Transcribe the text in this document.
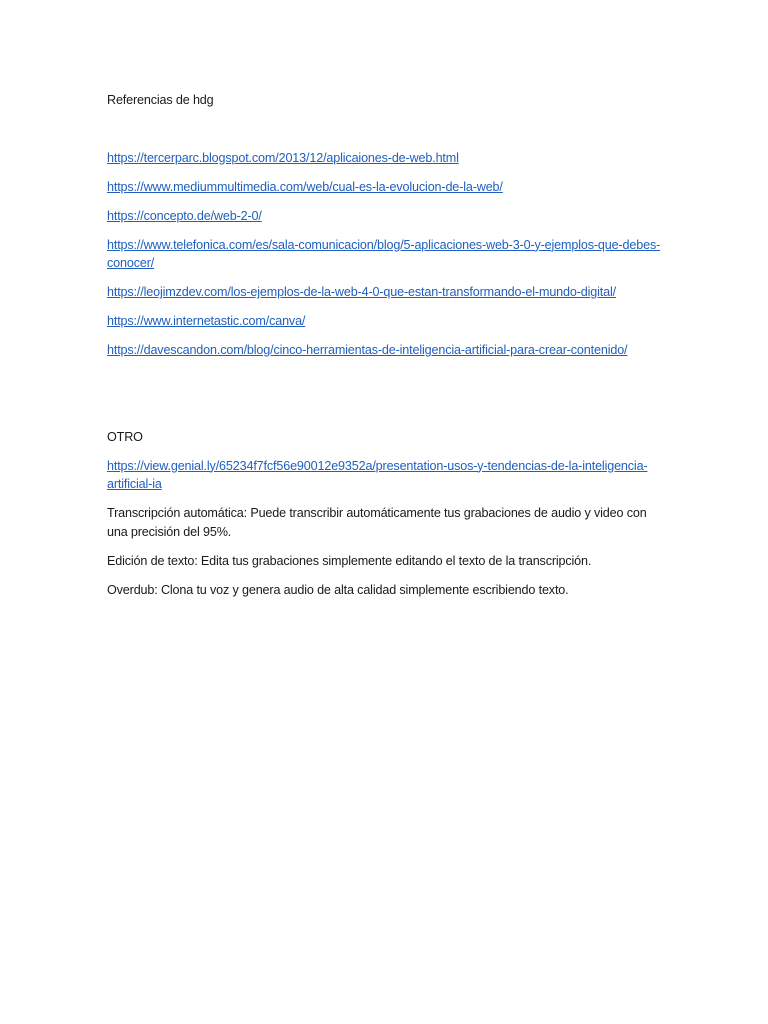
Referencias de hdg

https://tercerparc.blogspot.com/2013/12/aplicaiones-de-web.html

https://www.mediummultimedia.com/web/cual-es-la-evolucion-de-la-web/

https://concepto.de/web-2-0/

https://www.telefonica.com/es/sala-comunicacion/blog/5-aplicaciones-web-3-0-y-ejemplos-que-debes-conocer/

https://leojimzdev.com/los-ejemplos-de-la-web-4-0-que-estan-transformando-el-mundo-digital/

https://www.internetastic.com/canva/

https://davescandon.com/blog/cinco-herramientas-de-inteligencia-artificial-para-crear-contenido/

OTRO

https://view.genial.ly/65234f7fcf56e90012e9352a/presentation-usos-y-tendencias-de-la-inteligencia-artificial-ia

Transcripción automática: Puede transcribir automáticamente tus grabaciones de audio y video con una precisión del 95%.

Edición de texto: Edita tus grabaciones simplemente editando el texto de la transcripción.

Overdub: Clona tu voz y genera audio de alta calidad simplemente escribiendo texto.
